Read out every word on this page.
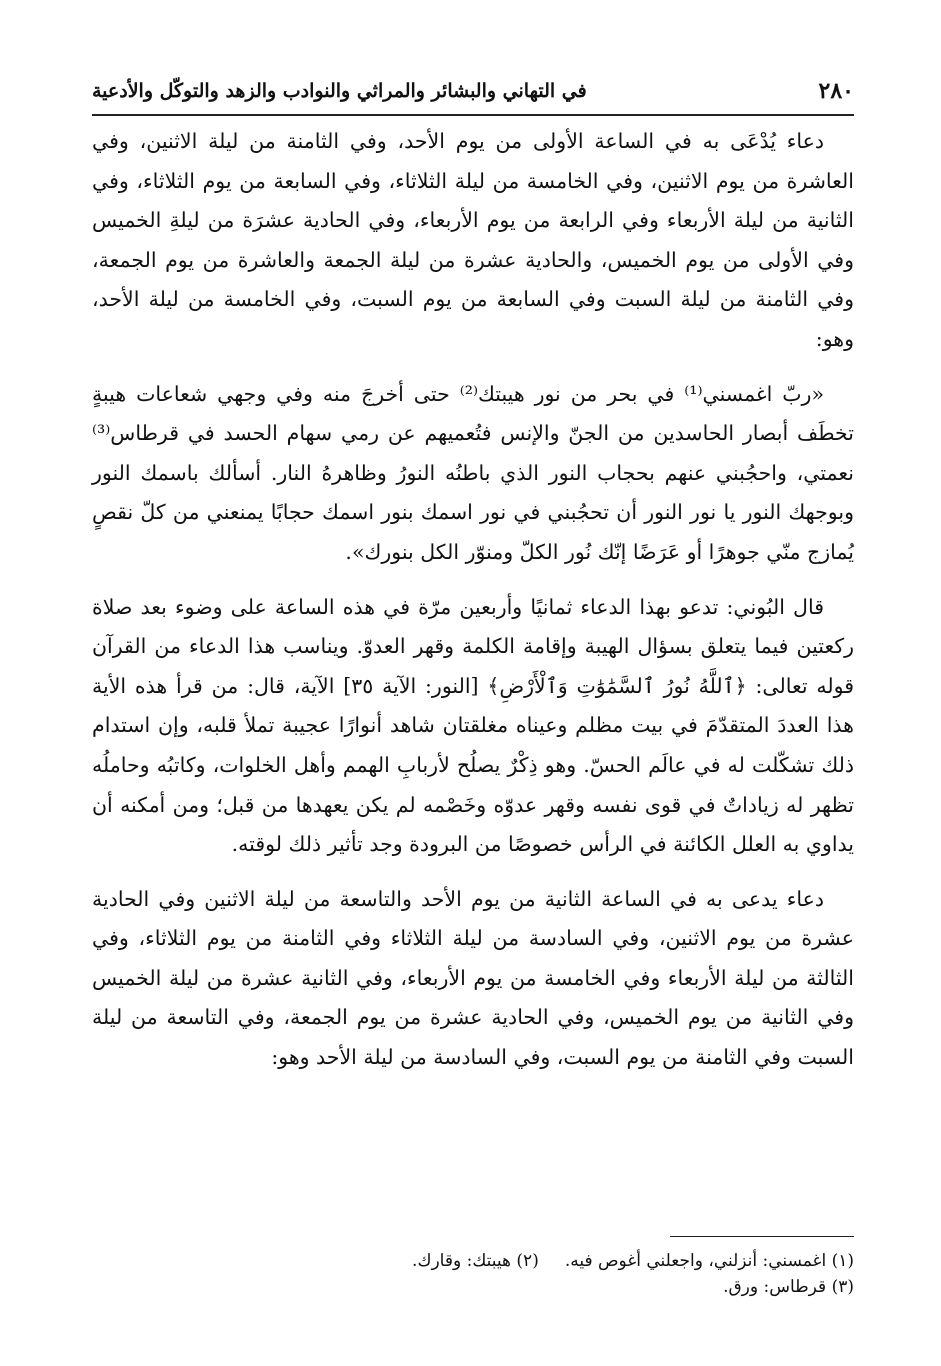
٢٨٠
في التهاني والبشائر والمراثي والنوادب والزهد والتوكّل والأدعية

دعاء يُدْعَى به في الساعة الأولى من يوم الأحد، وفي الثامنة من ليلة الاثنين، وفي العاشرة من يوم الاثنين، وفي الخامسة من ليلة الثلاثاء، وفي السابعة من يوم الثلاثاء، وفي الثانية من ليلة الأربعاء وفي الرابعة من يوم الأربعاء، وفي الحادية عشرَة من ليلةِ الخميس وفي الأولى من يوم الخميس، والحادية عشرة من ليلة الجمعة والعاشرة من يوم الجمعة، وفي الثامنة من ليلة السبت وفي السابعة من يوم السبت، وفي الخامسة من ليلة الأحد، وهو:

«ربّ اغمسني⁽¹⁾ في بحر من نور هيبتك⁽²⁾ حتى أخرجَ منه وفي وجهي شعاعات هيبةٍ تخطَف أبصار الحاسدين من الجنّ والإنس فتُعميهم عن رمي سهام الحسد في قرطاس⁽³⁾ نعمتي، واحجُبني عنهم بحجاب النور الذي باطنُه النورُ وظاهرهُ النار. أسألك باسمك النور وبوجهك النور يا نور النور أن تحجُبني في نور اسمك بنور اسمك حجابًا يمنعني من كلّ نقصٍ يُمازج منّي جوهرًا أو عَرَضًا إنّك نُور الكلّ ومنوّر الكل بنورك».

قال البُوني: تدعو بهذا الدعاء ثمانيًا وأربعين مرّة في هذه الساعة على وضوء بعد صلاة ركعتين فيما يتعلق بسؤال الهيبة وإقامة الكلمة وقهر العدوّ. ويناسب هذا الدعاء من القرآن قوله تعالى: ﴿ٱللَّهُ نُورُ ٱلسَّمَٰوَٰتِ وَٱلْأَرْضِ﴾ [النور: الآية ٣٥] الآية، قال: من قرأ هذه الأية هذا العددَ المتقدّمَ في بيت مظلم وعيناه مغلقتان شاهد أنوارًا عجيبة تملأ قلبه، وإن استدام ذلك تشكّلت له في عالَم الحسّ. وهو ذِكْرٌ يصلُح لأربابِ الهمم وأهل الخلوات، وكاتبُه وحاملُه تظهر له زياداتٌ في قوى نفسه وقهر عدوّه وخَصْمه لم يكن يعهدها من قبل؛ ومن أمكنه أن يداوي به العلل الكائنة في الرأس خصوصًا من البرودة وجد تأثير ذلك لوقته.

دعاء يدعى به في الساعة الثانية من يوم الأحد والتاسعة من ليلة الاثنين وفي الحادية عشرة من يوم الاثنين، وفي السادسة من ليلة الثلاثاء وفي الثامنة من يوم الثلاثاء، وفي الثالثة من ليلة الأربعاء وفي الخامسة من يوم الأربعاء، وفي الثانية عشرة من ليلة الخميس وفي الثانية من يوم الخميس، وفي الحادية عشرة من يوم الجمعة، وفي التاسعة من ليلة السبت وفي الثامنة من يوم السبت، وفي السادسة من ليلة الأحد وهو:

(١) اغمسني: أنزلني، واجعلني أغوص فيه.
(٢) هيبتك: وقارك.
(٣) قرطاس: ورق.
